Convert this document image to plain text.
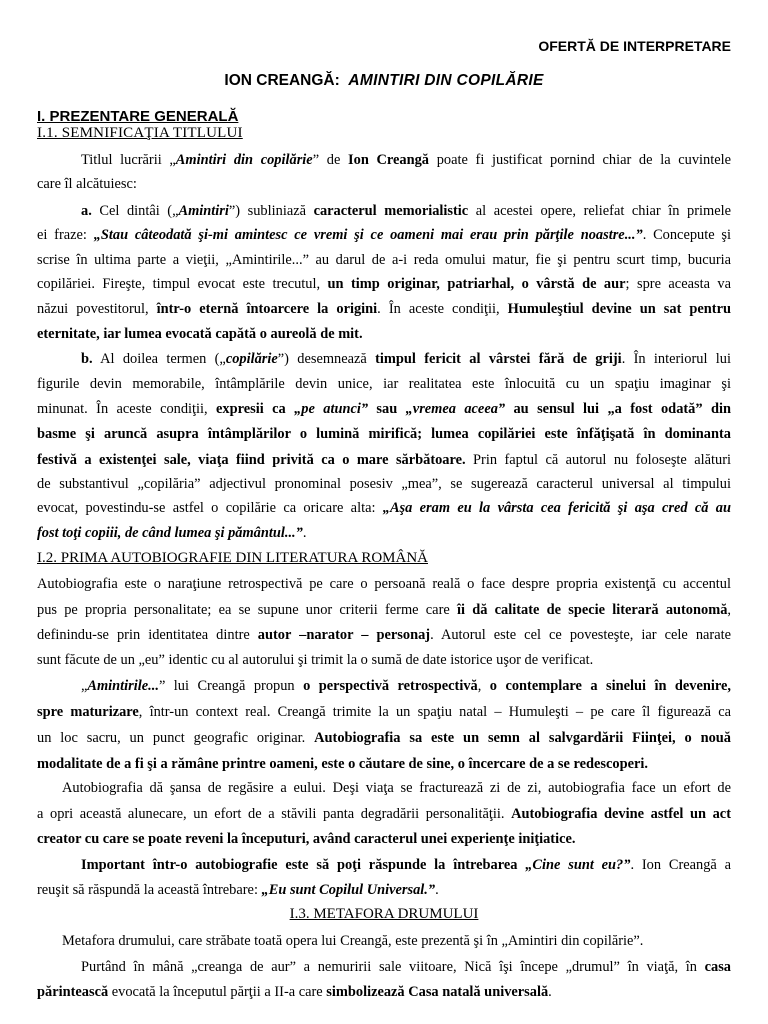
OFERTĂ DE INTERPRETARE
ION CREANGĂ: AMINTIRI DIN COPILĂRIE
I. PREZENTARE GENERALĂ
I.1. SEMNIFICAŢIA TITLULUI
Titlul lucrării „Amintiri din copilărie” de Ion Creangă poate fi justificat pornind chiar de la cuvintele
care îl alcătuiesc:
a. Cel dintâi („Amintiri”) subliniază caracterul memorialistic al acestei opere, reliefat chiar în primele
ei fraze: „Stau câteodată şi-mi amintesc ce vremi şi ce oameni mai erau prin părţile noastre...”. Concepute şi
scrise în ultima parte a vieţii, „Amintirile...” au darul de a-i reda omului matur, fie şi pentru scurt timp, bucuria
copilăriei. Fireşte, timpul evocat este trecutul, un timp originar, patriarhal, o vârstă de aur; spre aceasta va
năzui povestitorul, într-o eternă întoarcere la origini. În aceste condiţii, Humuleştiul devine un sat pentru
eternitate, iar lumea evocată capătă o aureolă de mit.
b. Al doilea termen („copilărie”) desemnează timpul fericit al vârstei fără de griji. În interiorul lui
figurile devin memorabile, întâmplările devin unice, iar realitatea este înlocuită cu un spaţiu imaginar şi
minunat. În aceste condiţii, expresii ca „pe atunci” sau „vremea aceea” au sensul lui „a fost odată” din
basme şi aruncă asupra întâmplărilor o lumină mirifică; lumea copilăriei este înfăţişată în dominanta
festivă a existenţei sale, viaţa fiind privită ca o mare sărbătoare. Prin faptul că autorul nu foloseşte alături
de substantivul „copilăria” adjectivul pronominal posesiv „mea”, se sugerează caracterul universal al timpului
evocat, povestindu-se astfel o copilărie ca oricare alta: „Aşa eram eu la vârsta cea fericită şi aşa cred că au
fost toţi copiii, de când lumea şi pământul...”.
I.2. PRIMA AUTOBIOGRAFIE DIN LITERATURA ROMÂNĂ
Autobiografia este o naraţiune retrospectivă pe care o persoană reală o face despre propria existenţă cu accentul
pus pe propria personalitate; ea se supune unor criterii ferme care îi dă calitate de specie literară autonomă,
definindu-se prin identitatea dintre autor –narator – personaj. Autorul este cel ce povesteşte, iar cele narate
sunt făcute de un „eu” identic cu al autorului şi trimit la o sumă de date istorice uşor de verificat.
„Amintirile...” lui Creangă propun o perspectivă retrospectivă, o contemplare a sinelui în devenire,
spre maturizare, într-un context real. Creangă trimite la un spaţiu natal – Humuleşti – pe care îl figurează ca
un loc sacru, un punct geografic originar. Autobiografia sa este un semn al salvgardării Fiinţei, o nouă
modalitate de a fi şi a rămâne printre oameni, este o căutare de sine, o încercare de a se redescoperi.
Autobiografia dă şansa de regăsire a eului. Deşi viaţa se fracturează zi de zi, autobiografia face un efort de
a opri această alunecare, un efort de a stăvili panta degradării personalităţii. Autobiografia devine astfel un act
creator cu care se poate reveni la începuturi, având caracterul unei experienţe iniţiatice.
Important într-o autobiografie este să poţi răspunde la întrebarea „Cine sunt eu?”. Ion Creangă a
reuşit să răspundă la această întrebare: „Eu sunt Copilul Universal.”.
I.3. METAFORA DRUMULUI
Metafora drumului, care străbate toată opera lui Creangă, este prezentă şi în „Amintiri din copilărie”.
Purtând în mână „creanga de aur” a nemuririi sale viitoare, Nică îşi începe „drumul” în viaţă, în casa
părintească evocată la începutul părţii a II-a care simbolizează Casa natală universală.
